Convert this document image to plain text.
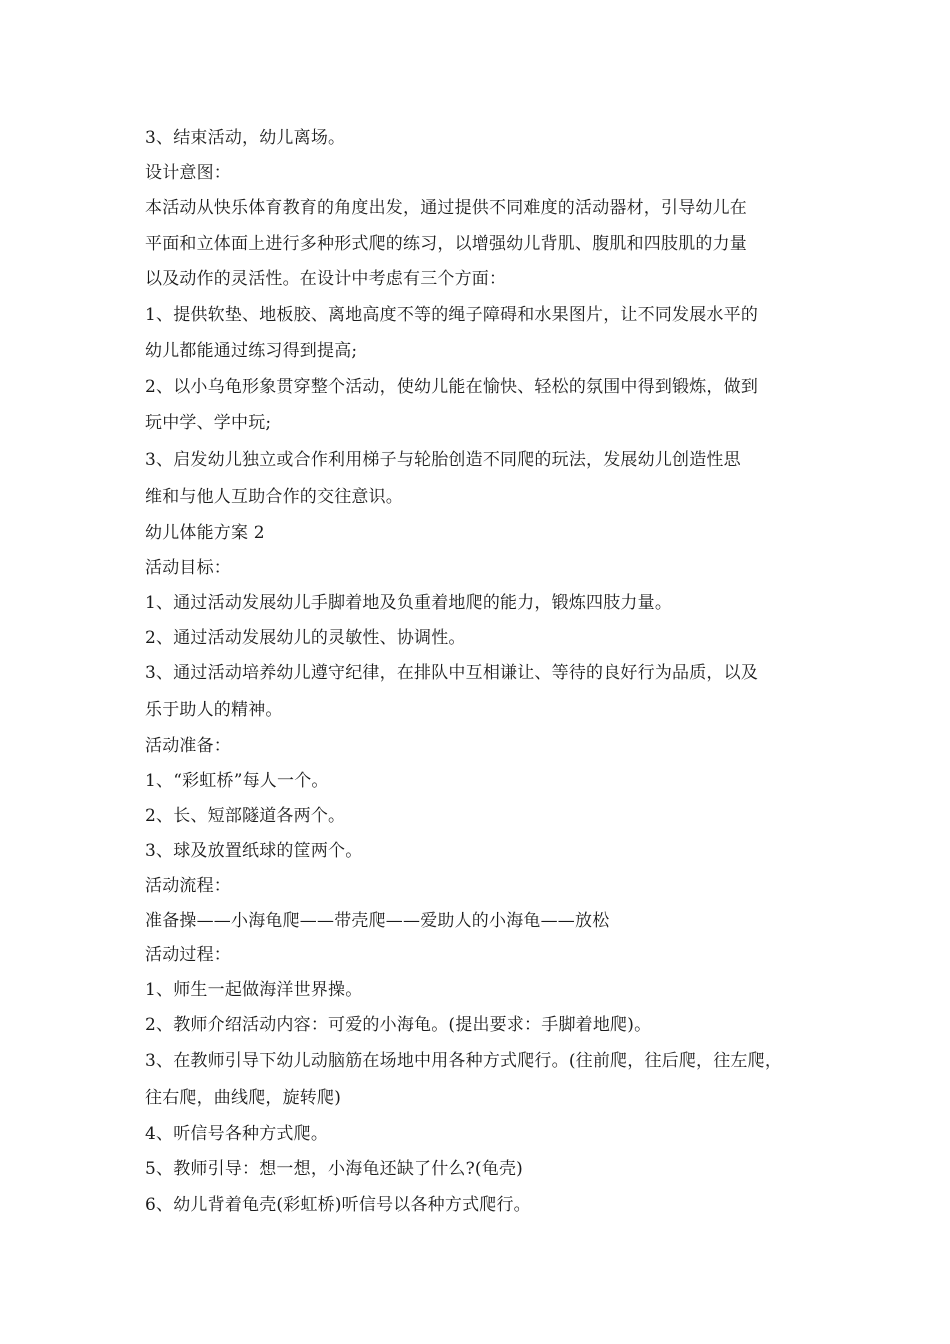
3、结束活动，幼儿离场。
设计意图：
本活动从快乐体育教育的角度出发，通过提供不同难度的活动器材，引导幼儿在
平面和立体面上进行多种形式爬的练习，以增强幼儿背肌、腹肌和四肢肌的力量
以及动作的灵活性。在设计中考虑有三个方面：
1、提供软垫、地板胶、离地高度不等的绳子障碍和水果图片，让不同发展水平的
幼儿都能通过练习得到提高;
2、以小乌龟形象贯穿整个活动，使幼儿能在愉快、轻松的氛围中得到锻炼，做到
玩中学、学中玩;
3、启发幼儿独立或合作利用梯子与轮胎创造不同爬的玩法，发展幼儿创造性思
维和与他人互助合作的交往意识。
幼儿体能方案 2
活动目标：
1、通过活动发展幼儿手脚着地及负重着地爬的能力，锻炼四肢力量。
2、通过活动发展幼儿的灵敏性、协调性。
3、通过活动培养幼儿遵守纪律，在排队中互相谦让、等待的良好行为品质，以及
乐于助人的精神。
活动准备：
1、“彩虹桥”每人一个。
2、长、短部隧道各两个。
3、球及放置纸球的筐两个。
活动流程：
准备操——小海龟爬——带壳爬——爱助人的小海龟——放松
活动过程：
1、师生一起做海洋世界操。
2、教师介绍活动内容：可爱的小海龟。(提出要求：手脚着地爬)。
3、在教师引导下幼儿动脑筋在场地中用各种方式爬行。(往前爬，往后爬，往左爬，
往右爬，曲线爬，旋转爬)
4、听信号各种方式爬。
5、教师引导：想一想，小海龟还缺了什么?(龟壳)
6、幼儿背着龟壳(彩虹桥)听信号以各种方式爬行。
